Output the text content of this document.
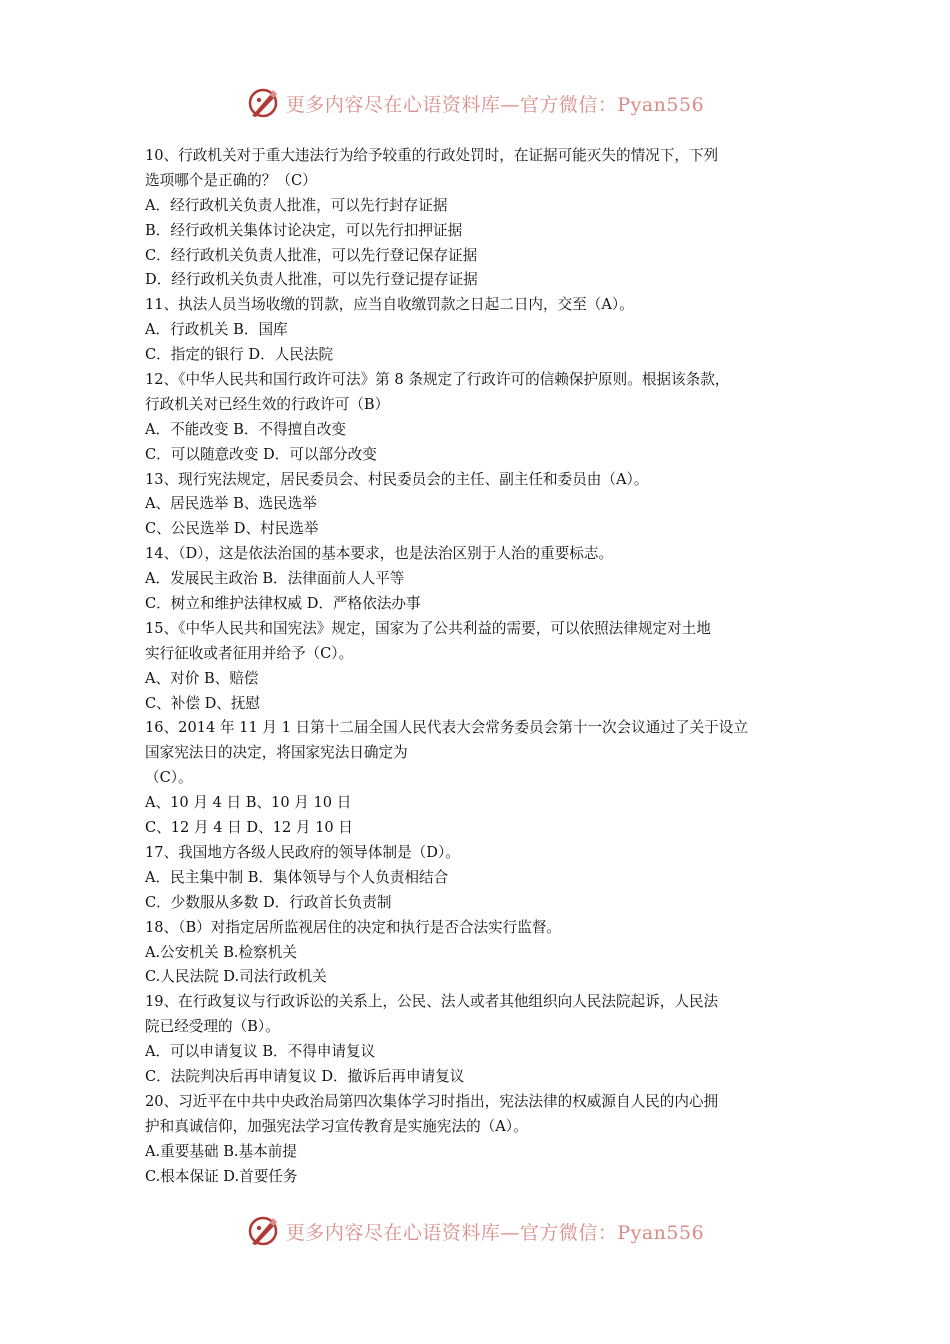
更多内容尽在心语资料库—官方微信：Pyan556
10、行政机关对于重大违法行为给予较重的行政处罚时，在证据可能灭失的情况下，下列
选项哪个是正确的？（C）
A．经行政机关负责人批准，可以先行封存证据
B．经行政机关集体讨论决定，可以先行扣押证据
C．经行政机关负责人批准，可以先行登记保存证据
D．经行政机关负责人批准，可以先行登记提存证据
11、执法人员当场收缴的罚款，应当自收缴罚款之日起二日内，交至（A）。
A．行政机关 B．国库
C．指定的银行 D．人民法院
12、《中华人民共和国行政许可法》第 8 条规定了行政许可的信赖保护原则。根据该条款，
行政机关对已经生效的行政许可（B）
A．不能改变 B．不得擅自改变
C．可以随意改变 D．可以部分改变
13、现行宪法规定，居民委员会、村民委员会的主任、副主任和委员由（A）。
A、居民选举 B、选民选举
C、公民选举 D、村民选举
14、（D），这是依法治国的基本要求，也是法治区别于人治的重要标志。
A．发展民主政治 B．法律面前人人平等
C．树立和维护法律权威 D．严格依法办事
15、《中华人民共和国宪法》规定，国家为了公共利益的需要，可以依照法律规定对土地
实行征收或者征用并给予（C）。
A、对价 B、赔偿
C、补偿 D、抚慰
16、2014 年 11 月 1 日第十二届全国人民代表大会常务委员会第十一次会议通过了关于设立
国家宪法日的决定，将国家宪法日确定为
（C）。
A、10 月 4 日 B、10 月 10 日
C、12 月 4 日 D、12 月 10 日
17、我国地方各级人民政府的领导体制是（D）。
A．民主集中制 B．集体领导与个人负责相结合
C．少数服从多数 D．行政首长负责制
18、（B）对指定居所监视居住的决定和执行是否合法实行监督。
A.公安机关 B.检察机关
C.人民法院 D.司法行政机关
19、在行政复议与行政诉讼的关系上，公民、法人或者其他组织向人民法院起诉，人民法
院已经受理的（B）。
A．可以申请复议 B．不得申请复议
C．法院判决后再申请复议 D．撤诉后再申请复议
20、习近平在中共中央政治局第四次集体学习时指出，宪法法律的权威源自人民的内心拥
护和真诚信仰，加强宪法学习宣传教育是实施宪法的（A）。
A.重要基础 B.基本前提
C.根本保证 D.首要任务
更多内容尽在心语资料库—官方微信：Pyan556
